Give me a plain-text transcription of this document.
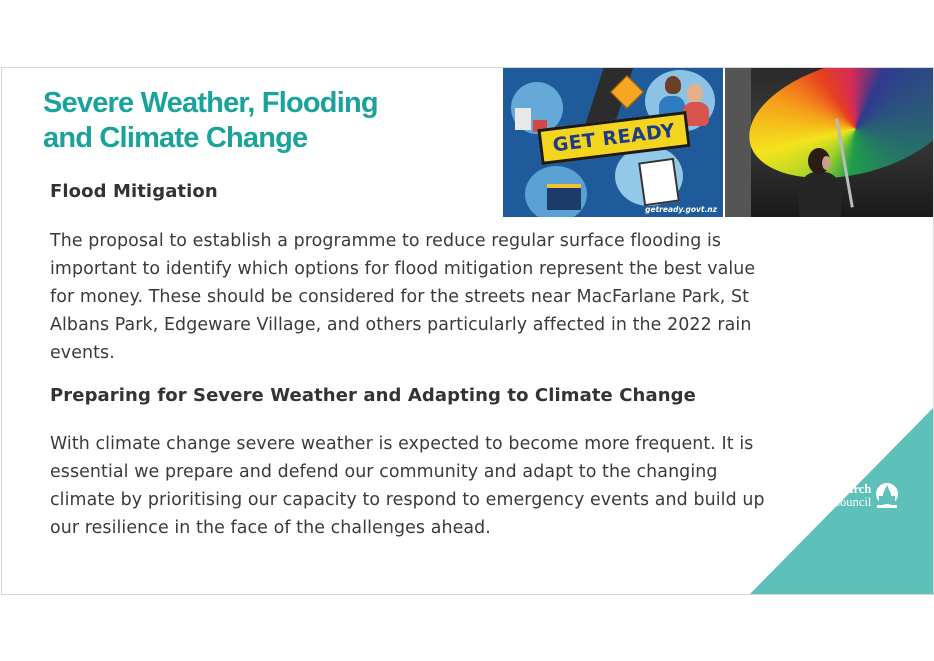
Severe Weather, Flooding
and Climate Change	GET READY
getready.govt.nz
Flood Mitigation

The proposal to establish a programme to reduce regular surface flooding is
important to identify which options for flood mitigation represent the best value
for money. These should be considered for the streets near MacFarlane Park, St
Albans Park, Edgeware Village, and others particularly affected in the 2022 rain
events.

Preparing for Severe Weather and Adapting to Climate Change

With climate change severe weather is expected to become more frequent. It is
essential we prepare and defend our community and adapt to the changing
climate by prioritising our capacity to respond to emergency events and build up
our resilience in the face of the challenges ahead.

Christchurch
City Council
